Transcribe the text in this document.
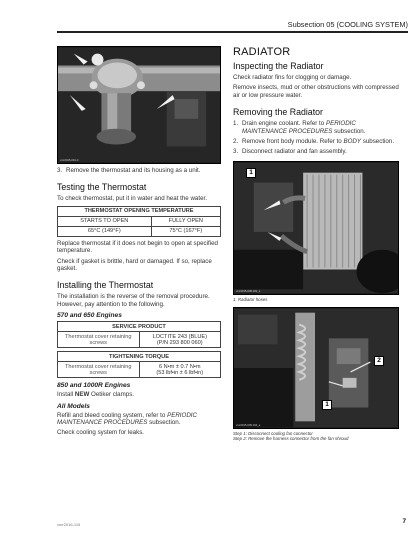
Subsection 05 (COOLING SYSTEM)
vmr2015-001-C
3. Remove the thermostat and its housing as a unit.
Testing the Thermostat

To check thermostat, put it in water and heat the water.

THERMOSTAT OPENING TEMPERATURE	
STARTS TO OPEN	FULLY OPEN
65°C (149°F)	75°C (167°F)

Replace thermostat if it does not begin to open at specified temperature.

Check if gasket is brittle, hard or damaged. If so, replace gasket.

Installing the Thermostat

The installation is the reverse of the removal procedure. However, pay attention to the following.

570 and 650 Engines
SERVICE PRODUCT
Thermostat cover retaining screws	LOCTITE 243 (BLUE)
(P/N 293 800 060)
TIGHTENING TORQUE
Thermostat cover retaining screws	6 N•m ± 0.7 N•m
(53 lbf•in ± 6 lbf•in)
850 and 1000R Engines

Install NEW Oetiker clamps.

All Models

Refill and bleed cooling system, refer to PERIODIC MAINTENANCE PROCEDURES subsection.

Check cooling system for leaks.

RADIATOR
Inspecting the Radiator

Check radiator fins for clogging or damage.

Remove insects, mud or other obstructions with compressed air or low pressure water.

Removing the Radiator
1. Drain engine coolant. Refer to PERIODIC MAINTENANCE PROCEDURES subsection.
2. Remove front body module. Refer to BODY subsection.
3. Disconnect radiator and fan assembly.
1
vmr2015-008-182_a
1. Radiator hoses
1
2
vmr2015-009-194_a
Step 1: Disconnect cooling fan connector
Step 2: Remove the harness connector from the fan shroud
vmr2016-115	7
